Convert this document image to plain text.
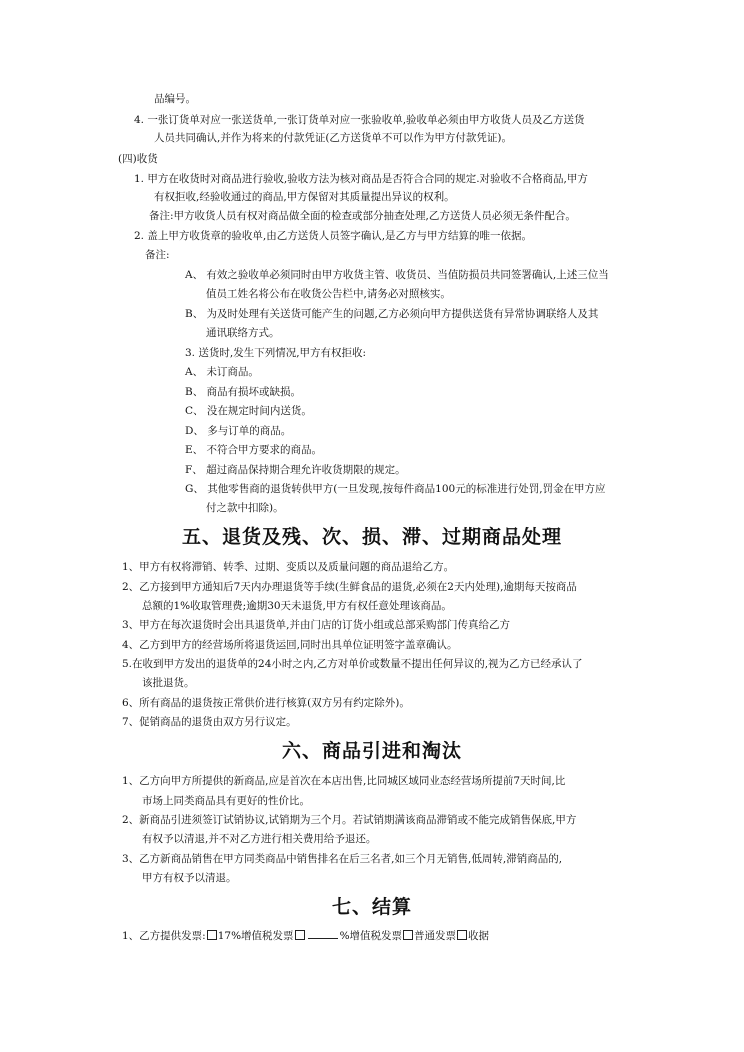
品编号。
4. 一张订货单对应一张送货单,一张订货单对应一张验收单,验收单必须由甲方收货人员及乙方送货
人员共同确认,并作为将来的付款凭证(乙方送货单不可以作为甲方付款凭证)。
(四)收货
1. 甲方在收货时对商品进行验收,验收方法为核对商品是否符合合同的规定.对验收不合格商品,甲方
有权拒收,经验收通过的商品,甲方保留对其质量提出异议的权利。
备注:甲方收货人员有权对商品做全面的检查或部分抽查处理,乙方送货人员必须无条件配合。
2. 盖上甲方收货章的验收单,由乙方送货人员签字确认,是乙方与甲方结算的唯一依据。
备注:
A、 有效之验收单必须同时由甲方收货主管、收货员、当值防损员共同签署确认,上述三位当
值员工姓名将公布在收货公告栏中,请务必对照核实。
B、 为及时处理有关送货可能产生的问题,乙方必须向甲方提供送货有异常协调联络人及其
通讯联络方式。
3. 送货时,发生下列情况,甲方有权拒收:
A、 未订商品。
B、 商品有损坏或缺损。
C、 没在规定时间内送货。
D、 多与订单的商品。
E、 不符合甲方要求的商品。
F、 超过商品保持期合理允许收货期限的规定。
G、 其他零售商的退货转供甲方(一旦发现,按每件商品100元的标准进行处罚,罚金在甲方应
付之款中扣除)。
五、退货及残、次、损、滞、过期商品处理
1、甲方有权将滞销、转季、过期、变质以及质量问题的商品退给乙方。
2、乙方接到甲方通知后7天内办理退货等手续(生鲜食品的退货,必须在2天内处理),逾期每天按商品
总额的1%收取管理费;逾期30天未退货,甲方有权任意处理该商品。
3、甲方在每次退货时会出具退货单,并由门店的订货小组或总部采购部门传真给乙方
4、乙方到甲方的经营场所将退货运回,同时出具单位证明签字盖章确认。
5.在收到甲方发出的退货单的24小时之内,乙方对单价或数量不提出任何异议的,视为乙方已经承认了
该批退货。
6、所有商品的退货按正常供价进行核算(双方另有约定除外)。
7、促销商品的退货由双方另行议定。
六、商品引进和淘汰
1、乙方向甲方所提供的新商品,应是首次在本店出售,比同城区域同业态经营场所提前7天时间,比
市场上同类商品具有更好的性价比。
2、新商品引进须签订试销协议,试销期为三个月。若试销期满该商品滞销或不能完成销售保底,甲方
有权予以清退,并不对乙方进行相关费用给予退还。
3、乙方新商品销售在甲方同类商品中销售排名在后三名者,如三个月无销售,低周转,滞销商品的,
甲方有权予以清退。
七、结算
1、乙方提供发票: 17%增值税发票	%增值税发票 普通发票 收据
